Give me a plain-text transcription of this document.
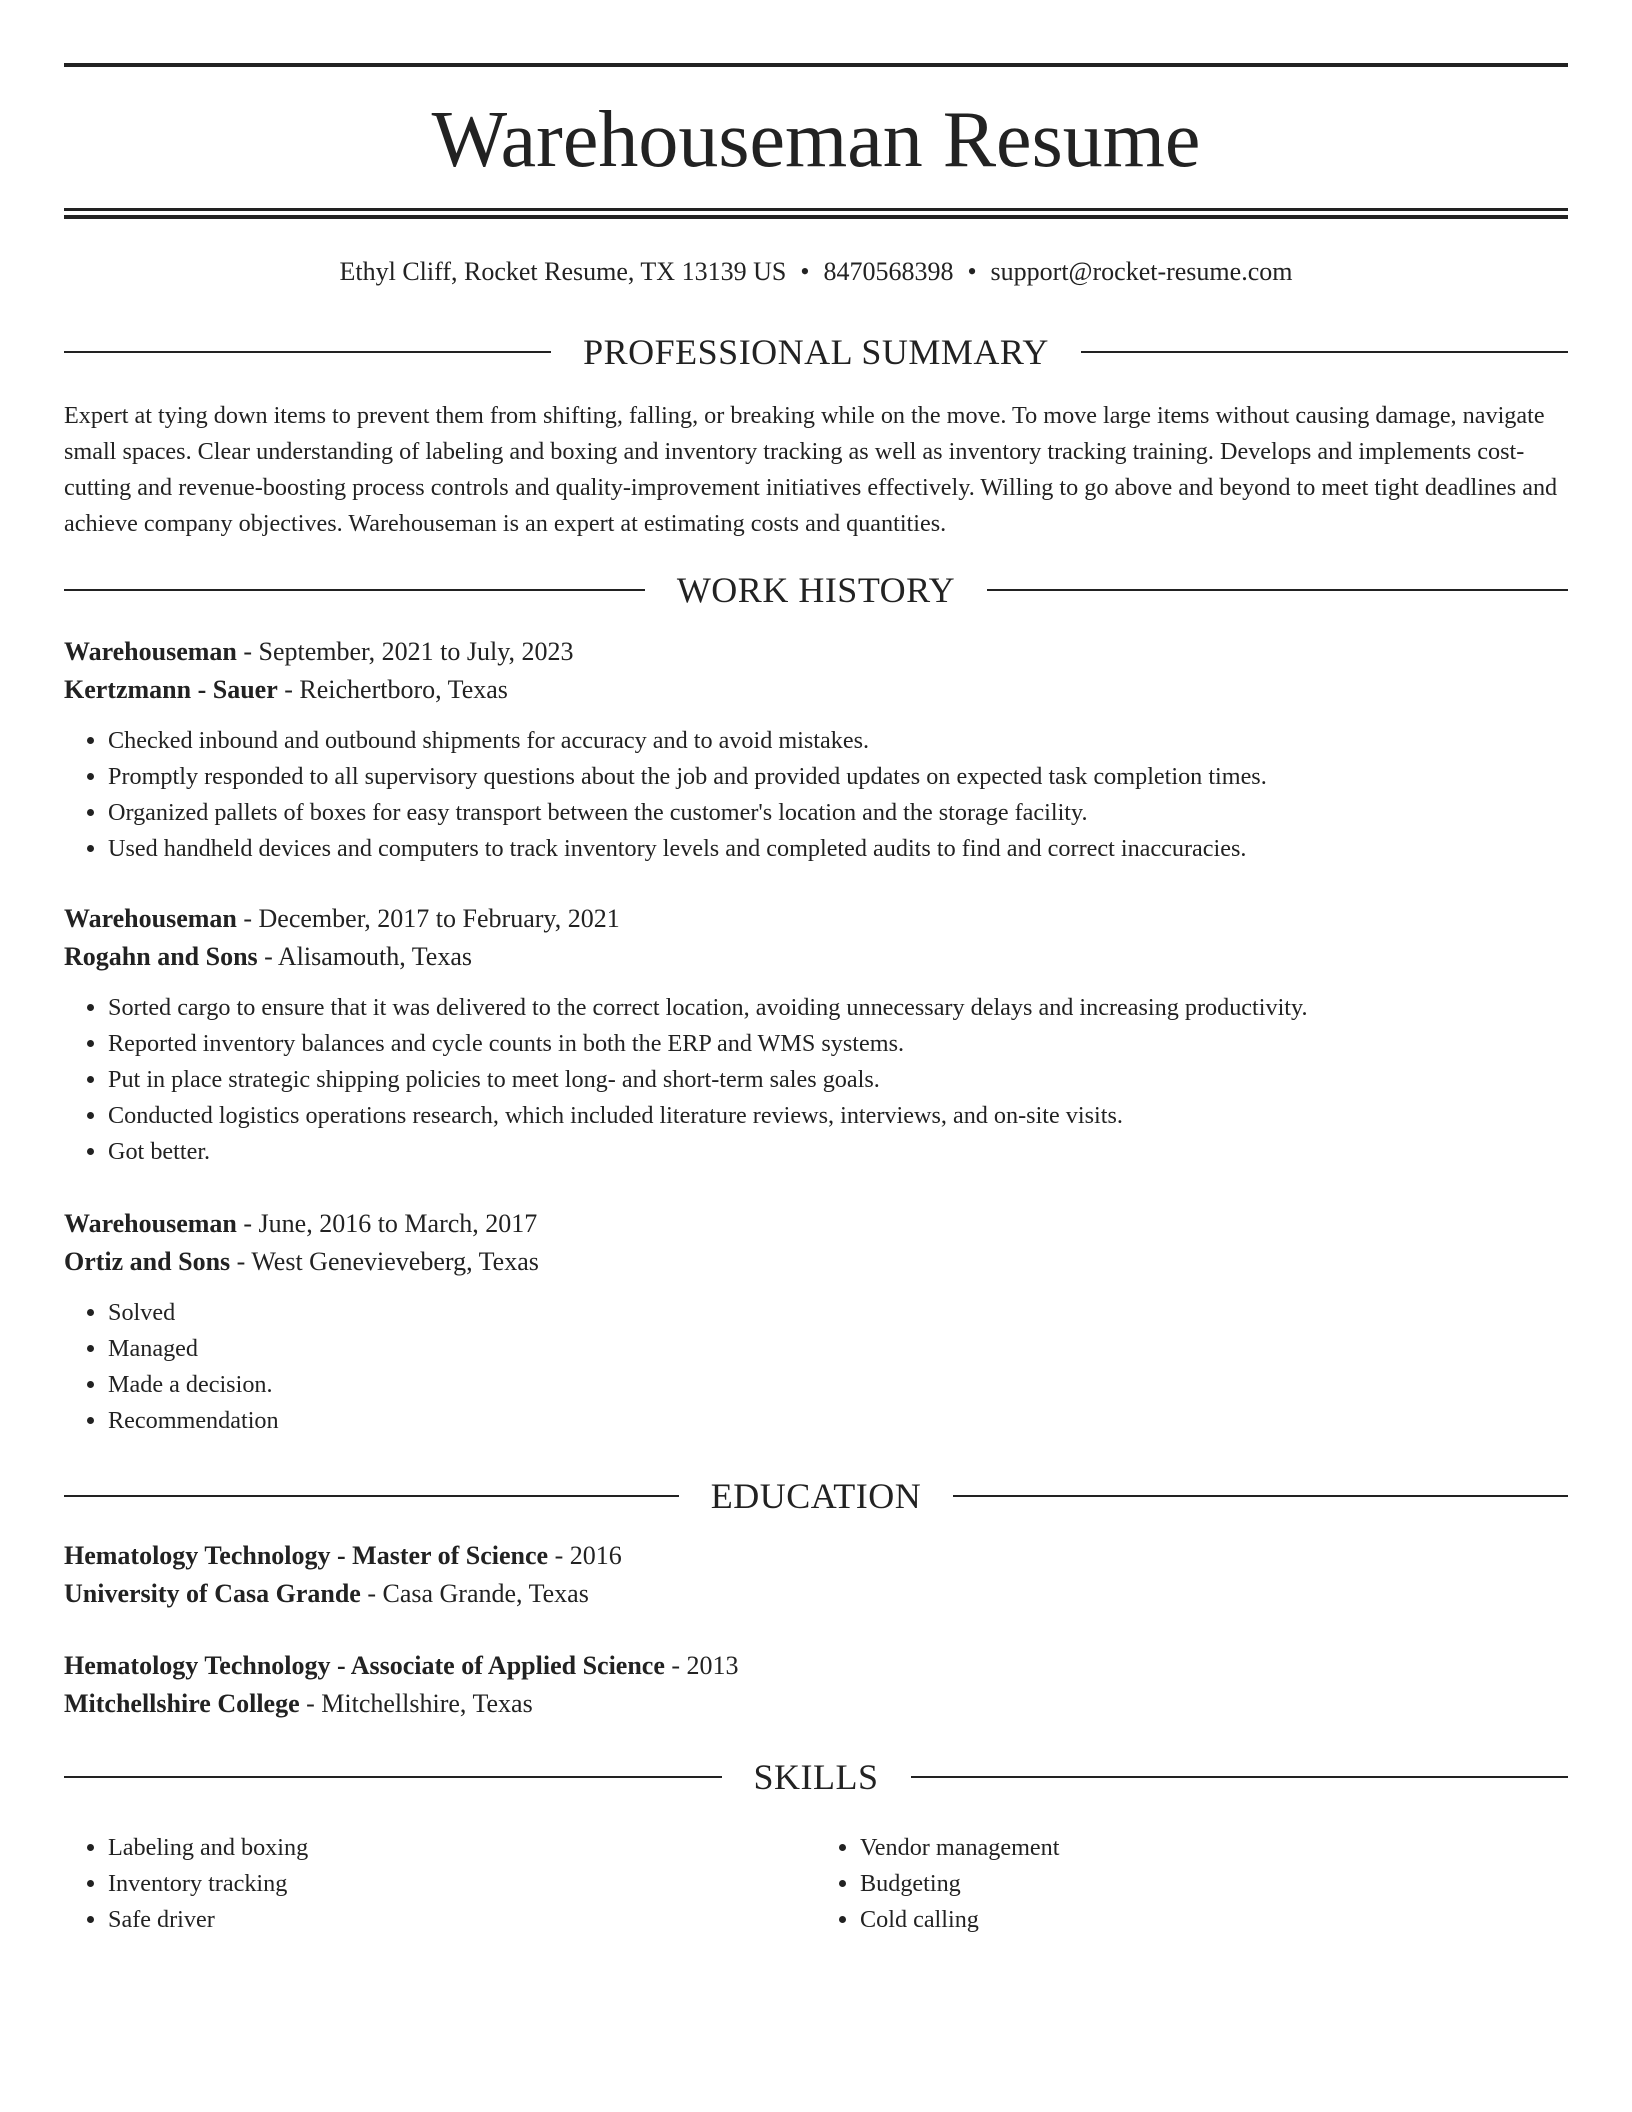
Warehouseman Resume
Ethyl Cliff, Rocket Resume, TX 13139 US • 8470568398 • support@rocket-resume.com
PROFESSIONAL SUMMARY

Expert at tying down items to prevent them from shifting, falling, or breaking while on the move. To move large items without causing damage, navigate small spaces. Clear understanding of labeling and boxing and inventory tracking as well as inventory tracking training. Develops and implements cost-cutting and revenue-boosting process controls and quality-improvement initiatives effectively. Willing to go above and beyond to meet tight deadlines and achieve company objectives. Warehouseman is an expert at estimating costs and quantities.

WORK HISTORY
Warehouseman - September, 2021 to July, 2023
Kertzmann - Sauer - Reichertboro, Texas
• Checked inbound and outbound shipments for accuracy and to avoid mistakes.
• Promptly responded to all supervisory questions about the job and provided updates on expected task completion times.
• Organized pallets of boxes for easy transport between the customer's location and the storage facility.
• Used handheld devices and computers to track inventory levels and completed audits to find and correct inaccuracies.
Warehouseman - December, 2017 to February, 2021
Rogahn and Sons - Alisamouth, Texas
• Sorted cargo to ensure that it was delivered to the correct location, avoiding unnecessary delays and increasing productivity.
• Reported inventory balances and cycle counts in both the ERP and WMS systems.
• Put in place strategic shipping policies to meet long- and short-term sales goals.
• Conducted logistics operations research, which included literature reviews, interviews, and on-site visits.
• Got better.
Warehouseman - June, 2016 to March, 2017
Ortiz and Sons - West Genevieveberg, Texas
• Solved
• Managed
• Made a decision.
• Recommendation
EDUCATION
Hematology Technology - Master of Science - 2016
University of Casa Grande - Casa Grande, Texas
Hematology Technology - Associate of Applied Science - 2013
Mitchellshire College - Mitchellshire, Texas
SKILLS
• Labeling and boxing
• Inventory tracking
• Safe driver
• Vendor management
• Budgeting
• Cold calling
